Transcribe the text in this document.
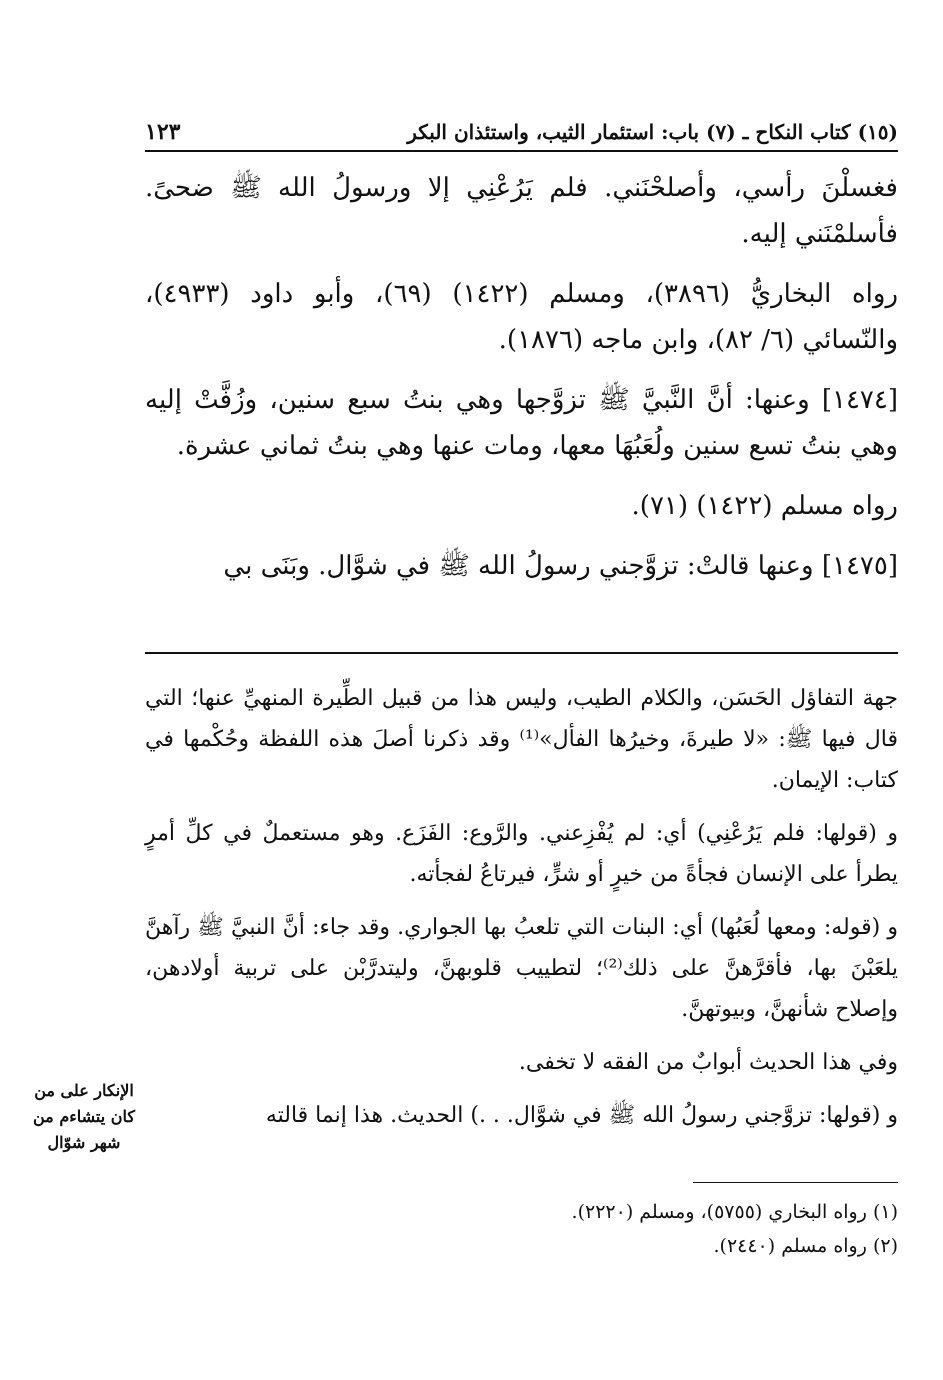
(١٥) كتاب النكاح ـ (٧) باب: استئمار الثيب، واستئذان البكر
١٢٣

فغسلْنَ رأسي، وأصلحْنَني. فلم يَرُعْنِي إلا ورسولُ الله ﷺ ضحىً. فأسلمْنَني إليه.

رواه البخاريُّ (٣٨٩٦)، ومسلم (١٤٢٢) (٦٩)، وأبو داود (٤٩٣٣)، والنّسائي (٦/ ٨٢)، وابن ماجه (١٨٧٦).

[١٤٧٤] وعنها: أنَّ النَّبيَّ ﷺ تزوَّجها وهي بنتُ سبع سنين، وزُفَّتْ إليه وهي بنتُ تسع سنين ولُعَبُهَا معها، ومات عنها وهي بنتُ ثماني عشرة.

رواه مسلم (١٤٢٢) (٧١).

[١٤٧٥] وعنها قالتْ: تزوَّجني رسولُ الله ﷺ في شوَّال. وبَنَى بي

جهة التفاؤل الحَسَن، والكلام الطيب، وليس هذا من قبيل الطِّيرة المنهيِّ عنها؛ التي قال فيها ﷺ: «لا طيرةَ، وخيرُها الفأل»⁽¹⁾ وقد ذكرنا أصلَ هذه اللفظة وحُكْمها في كتاب: الإيمان.

و (قولها: فلم يَرُعْنِي) أي: لم يُفْزِعني. والرَّوع: الفَزَع. وهو مستعملٌ في كلِّ أمرٍ يطرأ على الإنسان فجأةً من خيرٍ أو شرٍّ، فيرتاعُ لفجأته.

و (قوله: ومعها لُعَبُها) أي: البنات التي تلعبُ بها الجواري. وقد جاء: أنَّ النبيَّ ﷺ رآهنَّ يلعَبْنَ بها، فأقرَّهنَّ على ذلك⁽²⁾؛ لتطييب قلوبهنَّ، وليتدرَّبْن على تربية أولادهن، وإصلاح شأنهنَّ، وبيوتهنَّ.

وفي هذا الحديث أبوابٌ من الفقه لا تخفى.

و (قولها: تزوَّجني رسولُ الله ﷺ في شوَّال. . .) الحديث. هذا إنما قالته

الإنكار على من
كان يتشاءم من
شهر شوّال
(١) رواه البخاري (٥٧٥٥)، ومسلم (٢٢٢٠).
(٢) رواه مسلم (٢٤٤٠).
